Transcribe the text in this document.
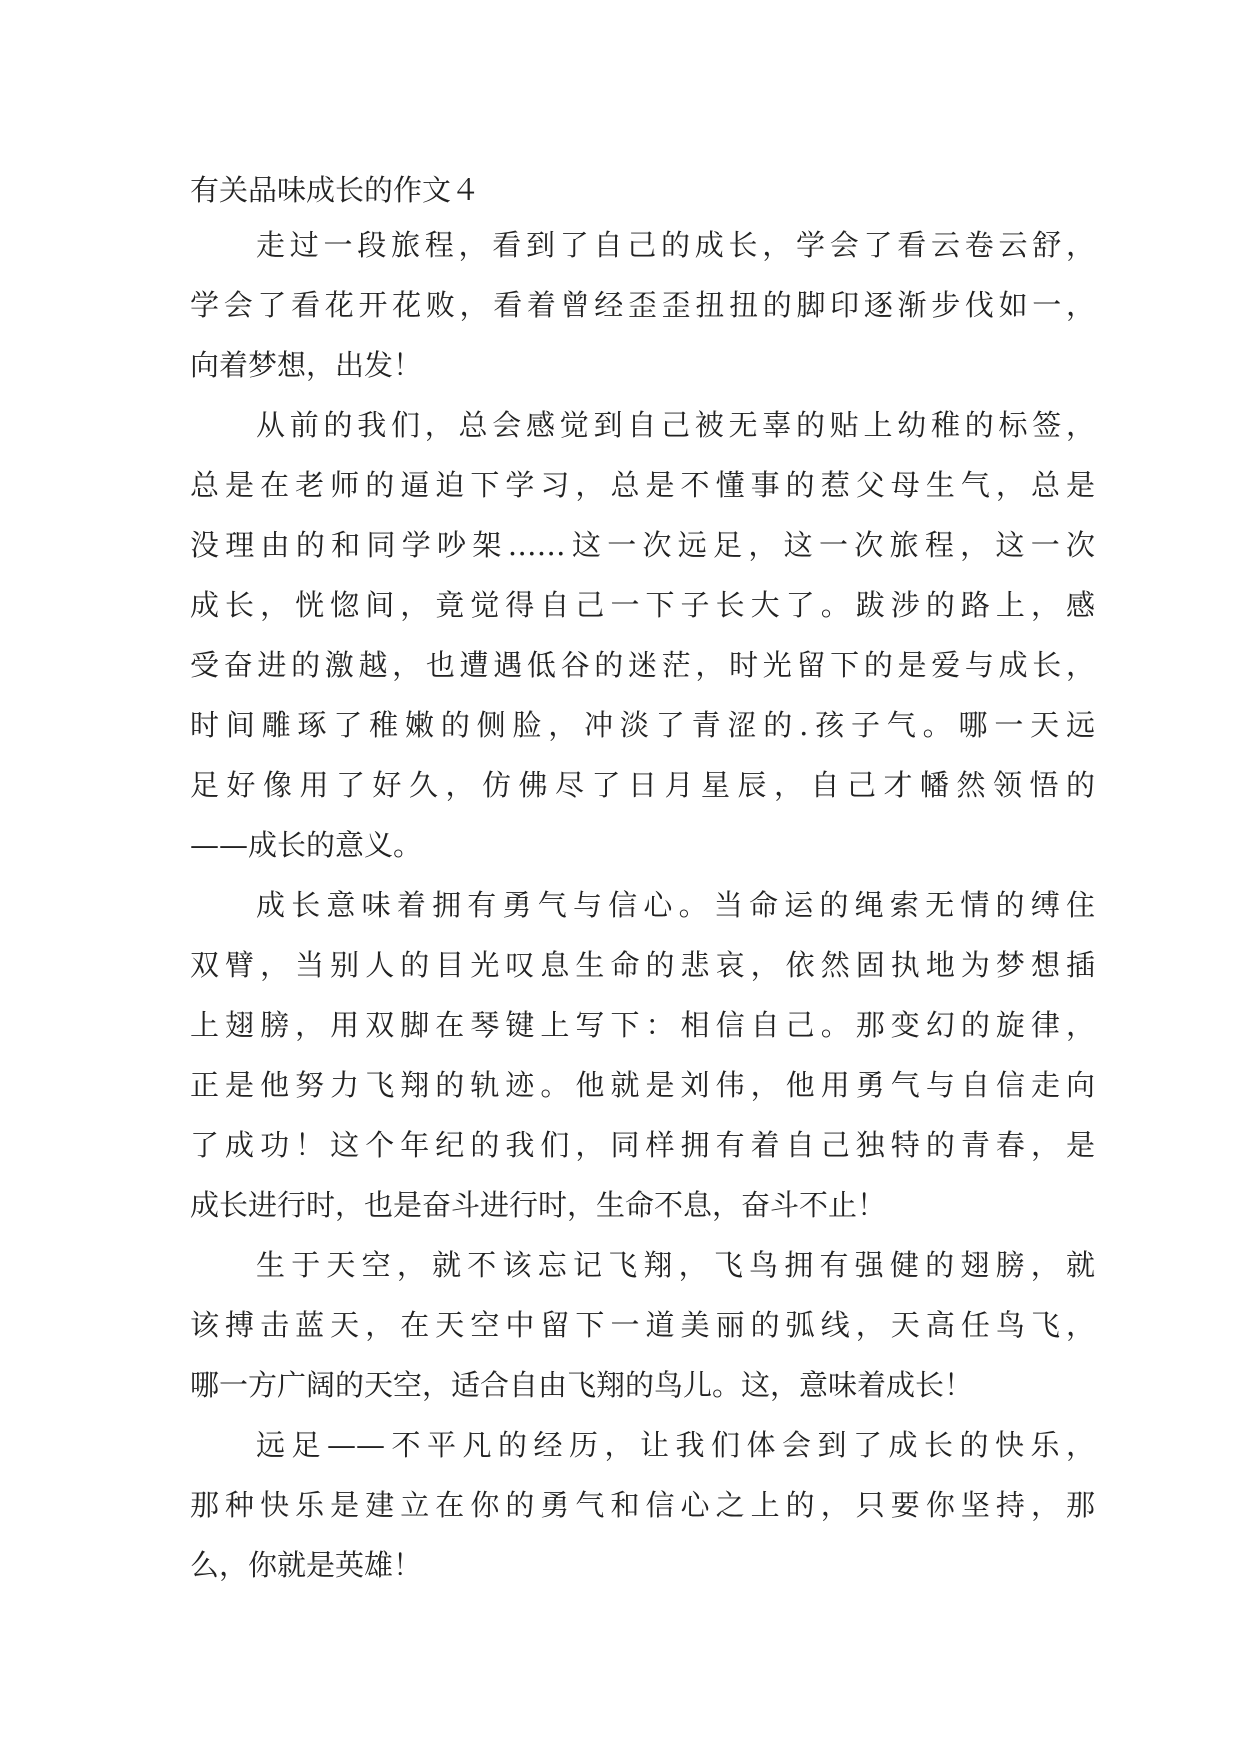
有关品味成长的作文４

走过一段旅程，看到了自己的成长，学会了看云卷云舒，
学会了看花开花败，看着曾经歪歪扭扭的脚印逐渐步伐如一，
向着梦想，出发！

从前的我们，总会感觉到自己被无辜的贴上幼稚的标签，
总是在老师的逼迫下学习，总是不懂事的惹父母生气，总是
没理由的和同学吵架……这一次远足，这一次旅程，这一次
成长，恍惚间，竟觉得自己一下子长大了。跋涉的路上，感
受奋进的激越，也遭遇低谷的迷茫，时光留下的是爱与成长，
时间雕琢了稚嫩的侧脸，冲淡了青涩的.孩子气。哪一天远
足好像用了好久，仿佛尽了日月星辰，自己才幡然领悟的
——成长的意义。

成长意味着拥有勇气与信心。当命运的绳索无情的缚住
双臂，当别人的目光叹息生命的悲哀，依然固执地为梦想插
上翅膀，用双脚在琴键上写下：相信自己。那变幻的旋律，
正是他努力飞翔的轨迹。他就是刘伟，他用勇气与自信走向
了成功！这个年纪的我们，同样拥有着自己独特的青春，是
成长进行时，也是奋斗进行时，生命不息，奋斗不止！

生于天空，就不该忘记飞翔，飞鸟拥有强健的翅膀，就
该搏击蓝天，在天空中留下一道美丽的弧线，天高任鸟飞，
哪一方广阔的天空，适合自由飞翔的鸟儿。这，意味着成长！

远足——不平凡的经历，让我们体会到了成长的快乐，
那种快乐是建立在你的勇气和信心之上的，只要你坚持，那
么，你就是英雄！
